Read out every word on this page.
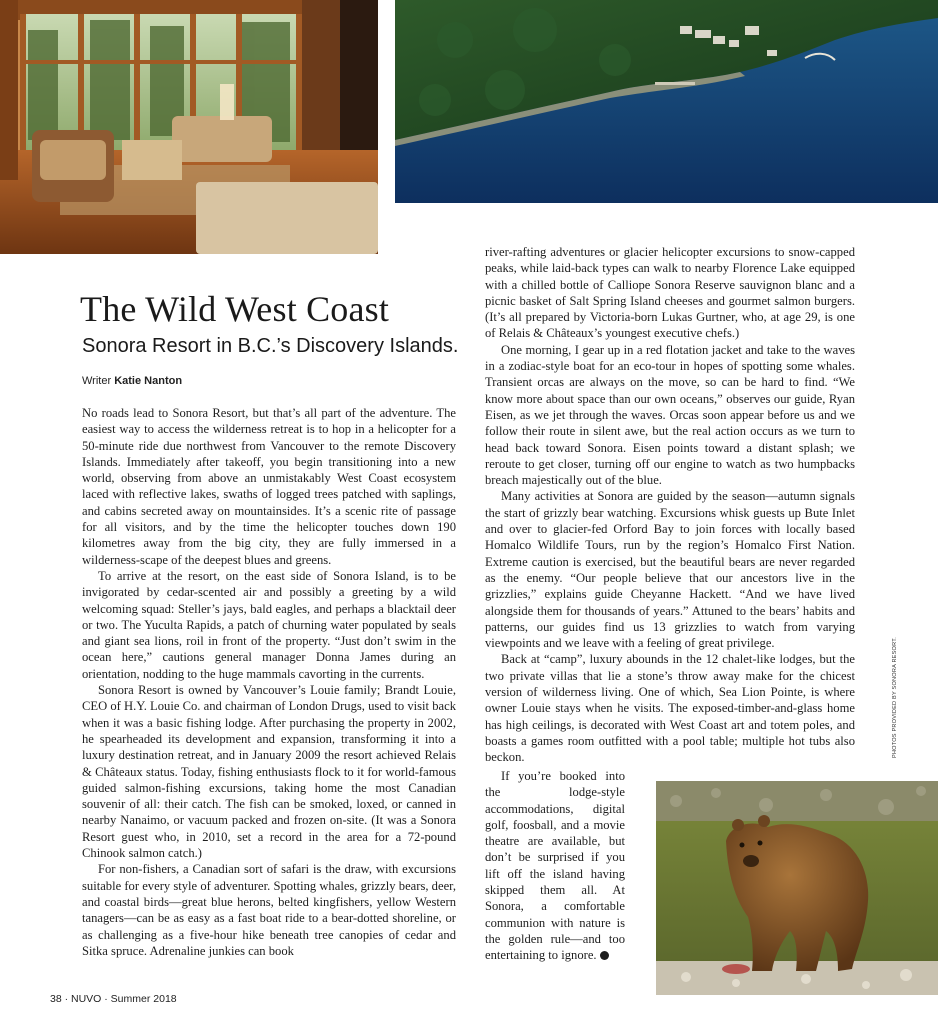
The Wild West Coast
Sonora Resort in B.C.’s Discovery Islands.
Writer Katie Nanton

No roads lead to Sonora Resort, but that’s all part of the adventure. The easiest way to access the wilderness retreat is to hop in a helicopter for a 50-minute ride due northwest from Vancouver to the remote Discovery Islands. Immediately after takeoff, you begin transitioning into a new world, observing from above an unmistakably West Coast ecosystem laced with reflective lakes, swaths of logged trees patched with saplings, and cabins secreted away on mountainsides. It’s a scenic rite of passage for all visitors, and by the time the helicopter touches down 190 kilometres away from the big city, they are fully immersed in a wilderness-scape of the deepest blues and greens.

To arrive at the resort, on the east side of Sonora Island, is to be invigorated by cedar-scented air and possibly a greeting by a wild welcoming squad: Steller’s jays, bald eagles, and perhaps a blacktail deer or two. The Yuculta Rapids, a patch of churning water populated by seals and giant sea lions, roil in front of the property. “Just don’t swim in the ocean here,” cautions general manager Donna James during an orientation, nodding to the huge mammals cavorting in the currents.

Sonora Resort is owned by Vancouver’s Louie family; Brandt Louie, CEO of H.Y. Louie Co. and chairman of London Drugs, used to visit back when it was a basic fishing lodge. After purchasing the property in 2002, he spearheaded its development and expansion, transforming it into a luxury destination retreat, and in January 2009 the resort achieved Relais & Châteaux status. Today, fishing enthusiasts flock to it for world-famous guided salmon-fishing excursions, taking home the most Canadian souvenir of all: their catch. The fish can be smoked, loxed, or canned in nearby Nanaimo, or vacuum packed and frozen on-site. (It was a Sonora Resort guest who, in 2010, set a record in the area for a 72-pound Chinook salmon catch.)

For non-fishers, a Canadian sort of safari is the draw, with excursions suitable for every style of adventurer. Spotting whales, grizzly bears, deer, and coastal birds—great blue herons, belted kingfishers, yellow Western tanagers—can be as easy as a fast boat ride to a bear-dotted shoreline, or as challenging as a five-hour hike beneath tree canopies of cedar and Sitka spruce. Adrenaline junkies can book

river-rafting adventures or glacier helicopter excursions to snow-capped peaks, while laid-back types can walk to nearby Florence Lake equipped with a chilled bottle of Calliope Sonora Reserve sauvignon blanc and a picnic basket of Salt Spring Island cheeses and gourmet salmon burgers. (It’s all prepared by Victoria-born Lukas Gurtner, who, at age 29, is one of Relais & Châteaux’s youngest executive chefs.)

One morning, I gear up in a red flotation jacket and take to the waves in a zodiac-style boat for an eco-tour in hopes of spotting some whales. Transient orcas are always on the move, so can be hard to find. “We know more about space than our own oceans,” observes our guide, Ryan Eisen, as we jet through the waves. Orcas soon appear before us and we follow their route in silent awe, but the real action occurs as we turn to head back toward Sonora. Eisen points toward a distant splash; we reroute to get closer, turning off our engine to watch as two humpbacks breach majestically out of the blue.

Many activities at Sonora are guided by the season—autumn signals the start of grizzly bear watching. Excursions whisk guests up Bute Inlet and over to glacier-fed Orford Bay to join forces with locally based Homalco Wildlife Tours, run by the region’s Homalco First Nation. Extreme caution is exercised, but the beautiful bears are never regarded as the enemy. “Our people believe that our ancestors live in the grizzlies,” explains guide Cheyanne Hackett. “And we have lived alongside them for thousands of years.” Attuned to the bears’ habits and patterns, our guides find us 13 grizzlies to watch from varying viewpoints and we leave with a feeling of great privilege.

Back at “camp”, luxury abounds in the 12 chalet-like lodges, but the two private villas that lie a stone’s throw away make for the chicest version of wilderness living. One of which, Sea Lion Pointe, is where owner Louie stays when he visits. The exposed-timber-and-glass home has high ceilings, is decorated with West Coast art and totem poles, and boasts a games room outfitted with a pool table; multiple hot tubs also beckon.

If you’re booked into the lodge-style accommodations, digital golf, foosball, and a movie theatre are available, but don’t be surprised if you lift off the island having skipped them all. At Sonora, a comfortable communion with nature is the golden rule—and too entertaining to ignore.

PHOTOS PROVIDED BY SONORA RESORT.
38 · NUVO · Summer 2018
